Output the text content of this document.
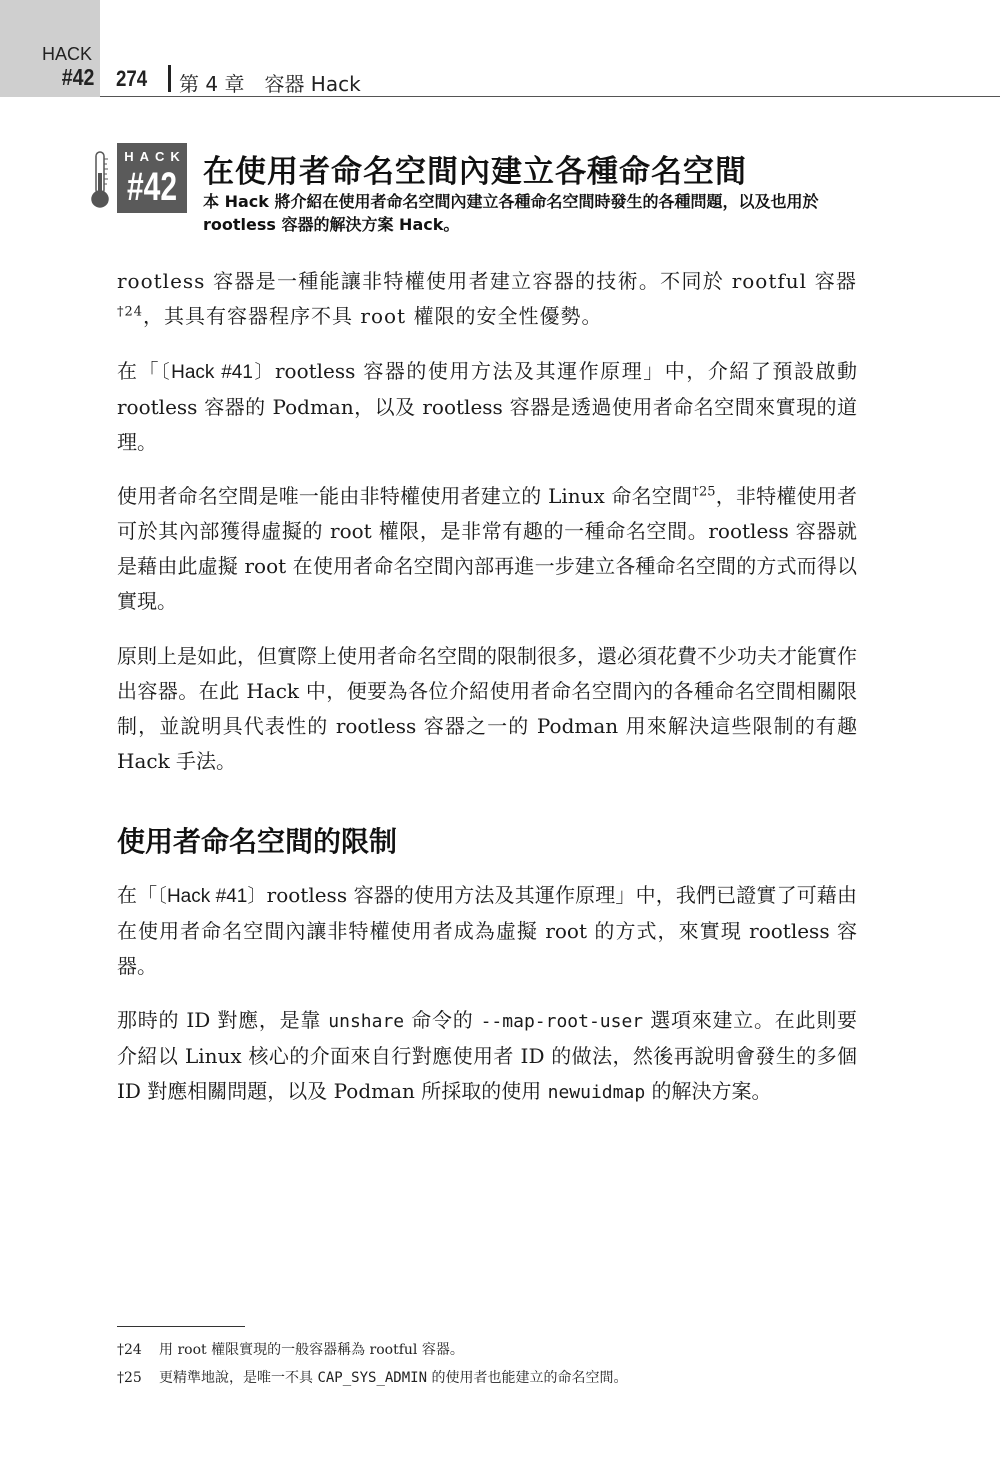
HACK
#42 274 第 4 章　容器 Hack
HACK
#42 在使用者命名空間內建立各種命名空間

本 Hack 將介紹在使用者命名空間內建立各種命名空間時發生的各種問題，以及也用於 rootless 容器的解決方案 Hack。

rootless 容器是一種能讓非特權使用者建立容器的技術。不同於 rootful 容器$^{\dagger 24}$，其具有容器程序不具 root 權限的安全性優勢。

在「〔Hack #41〕rootless 容器的使用方法及其運作原理」中，介紹了預設啟動 rootless 容器的 Podman，以及 rootless 容器是透過使用者命名空間來實現的道理。

使用者命名空間是唯一能由非特權使用者建立的 Linux 命名空間$^{\dagger 25}$，非特權使用者可於其內部獲得虛擬的 root 權限，是非常有趣的一種命名空間。rootless 容器就是藉由此虛擬 root 在使用者命名空間內部再進一步建立各種命名空間的方式而得以實現。

原則上是如此，但實際上使用者命名空間的限制很多，還必須花費不少功夫才能實作出容器。在此 Hack 中，便要為各位介紹使用者命名空間內的各種命名空間相關限制，並說明具代表性的 rootless 容器之一的 Podman 用來解決這些限制的有趣 Hack 手法。

使用者命名空間的限制

在「〔Hack #41〕rootless 容器的使用方法及其運作原理」中，我們已證實了可藉由在使用者命名空間內讓非特權使用者成為虛擬 root 的方式，來實現 rootless 容器。

那時的 ID 對應，是靠 unshare 命令的 --map-root-user 選項來建立。在此則要介紹以 Linux 核心的介面來自行對應使用者 ID 的做法，然後再說明會發生的多個 ID 對應相關問題，以及 Podman 所採取的使用 newuidmap 的解決方案。

†24 用 root 權限實現的一般容器稱為 rootful 容器。

†25 更精準地說，是唯一不具 CAP_SYS_ADMIN 的使用者也能建立的命名空間。
